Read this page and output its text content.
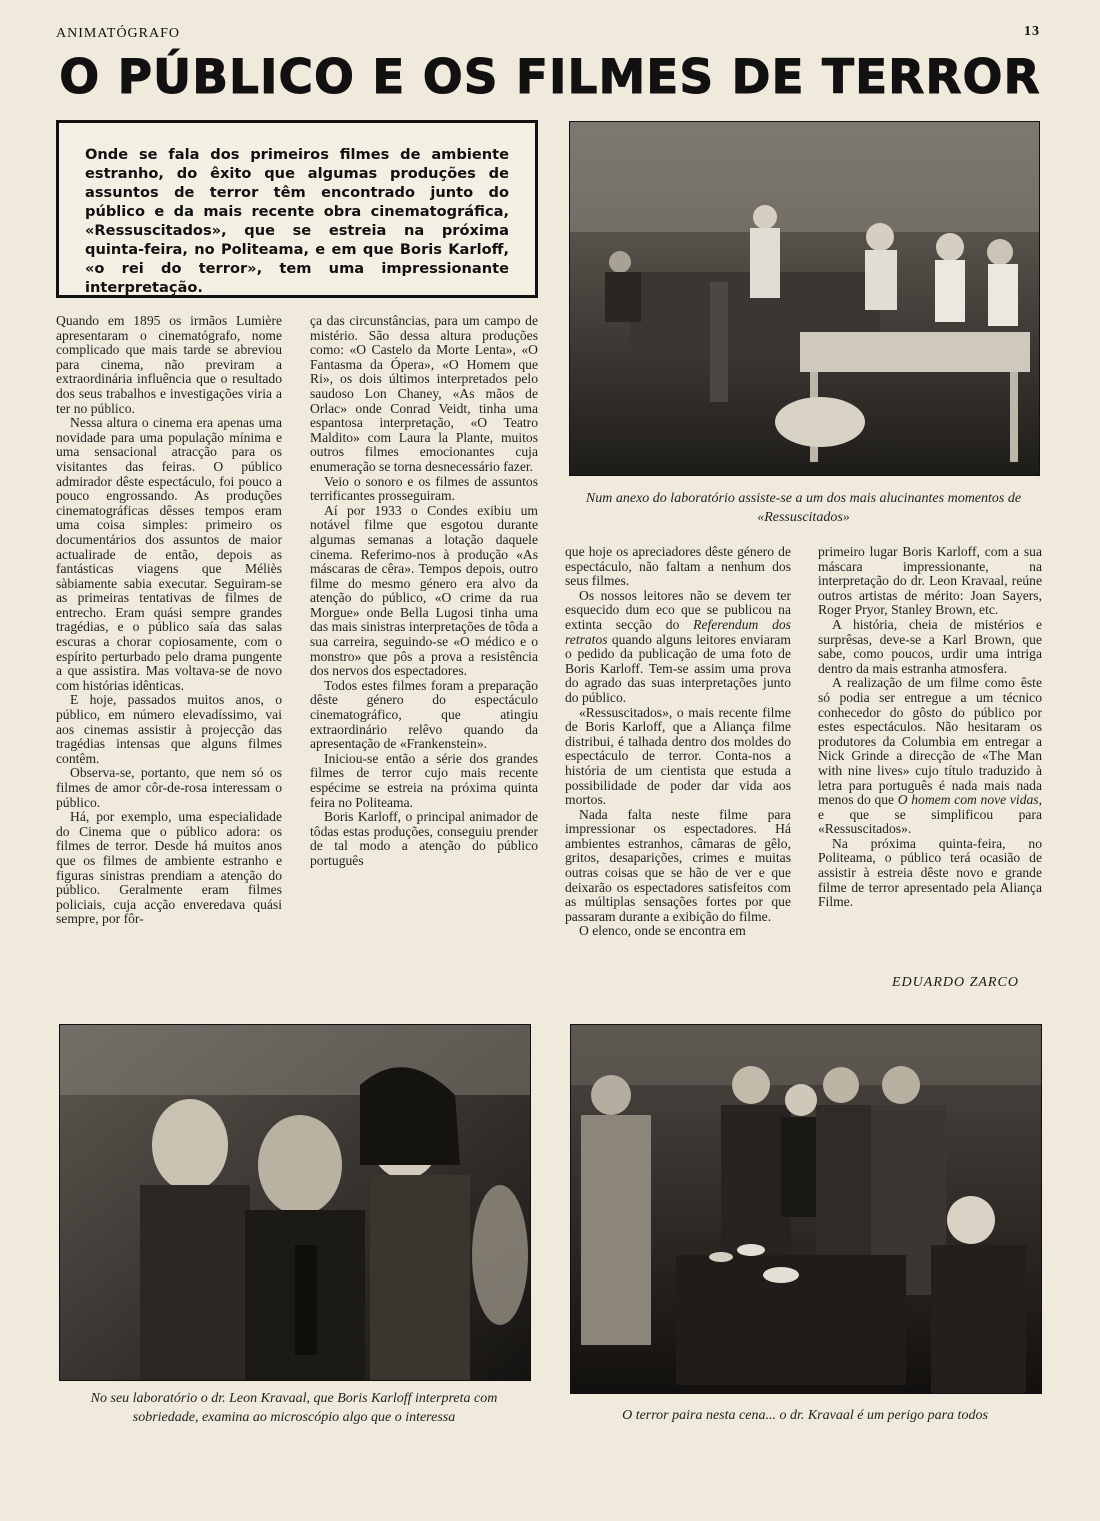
ANIMATÓGRAFO	13
O PÚBLICO E OS FILMES DE TERROR

Onde se fala dos primeiros filmes de ambiente estranho, do êxito que algumas produções de assuntos de terror têm encontrado junto do público e da mais recente obra cinematográfica, «Ressuscitados», que se estreia na próxima quinta-feira, no Politeama, e em que Boris Karloff, «o rei do terror», tem uma impressionante interpretação.

Num anexo do laboratório assiste-se a um dos mais alucinantes momentos de «Ressuscitados»

Quando em 1895 os irmãos Lumière apresentaram o cinematógrafo, nome complicado que mais tarde se abreviou para cinema, não previram a extraordinária influência que o resultado dos seus trabalhos e investigações viria a ter no público.

Nessa altura o cinema era apenas uma novidade para uma população mínima e uma sensacional atracção para os visitantes das feiras. O público admirador dêste espectáculo, foi pouco a pouco engrossando. As produções cinematográficas dêsses tempos eram uma coisa simples: primeiro os documentários dos assuntos de maior actualirade de então, depois as fantásticas viagens que Méliès sàbiamente sabia executar. Seguiram-se as primeiras tentativas de filmes de entrecho. Eram quási sempre grandes tragédias, e o público saía das salas escuras a chorar copiosamente, com o espírito perturbado pelo drama pungente a que assistira. Mas voltava-se de novo com histórias idênticas.

E hoje, passados muitos anos, o público, em número elevadíssimo, vai aos cinemas assistir à projecção das tragédias intensas que alguns filmes contêm.

Observa-se, portanto, que nem só os filmes de amor côr-de-rosa interessam o público.

Há, por exemplo, uma especialidade do Cinema que o público adora: os filmes de terror. Desde há muitos anos que os filmes de ambiente estranho e figuras sinistras prendiam a atenção do público. Geralmente eram filmes policiais, cuja acção enveredava quási sempre, por fôr-

ça das circunstâncias, para um campo de mistério. São dessa altura produções como: «O Castelo da Morte Lenta», «O Fantasma da Ópera», «O Homem que Ri», os dois últimos interpretados pelo saudoso Lon Chaney, «As mãos de Orlac» onde Conrad Veidt, tinha uma espantosa interpretação, «O Teatro Maldito» com Laura la Plante, muitos outros filmes emocionantes cuja enumeração se torna desnecessário fazer.

Veio o sonoro e os filmes de assuntos terrificantes prosseguiram.

Aí por 1933 o Condes exibiu um notável filme que esgotou durante algumas semanas a lotação daquele cinema. Referimo-nos à produção «As máscaras de cêra». Tempos depois, outro filme do mesmo género era alvo da atenção do público, «O crime da rua Morgue» onde Bella Lugosi tinha uma das mais sinistras interpretações de tôda a sua carreira, seguindo-se «O médico e o monstro» que pôs a prova a resistência dos nervos dos espectadores.

Todos estes filmes foram a preparação dêste género do espectáculo cinematográfico, que atingiu extraordinário relêvo quando da apresentação de «Frankenstein».

Iniciou-se então a série dos grandes filmes de terror cujo mais recente espécime se estreia na próxima quinta feira no Politeama.

Boris Karloff, o principal animador de tôdas estas produções, conseguiu prender de tal modo a atenção do público português

que hoje os apreciadores dêste género de espectáculo, não faltam a nenhum dos seus filmes.

Os nossos leitores não se devem ter esquecido dum eco que se publicou na extinta secção do Referendum dos retratos quando alguns leitores enviaram o pedido da publicação de uma foto de Boris Karloff. Tem-se assim uma prova do agrado das suas interpretações junto do público.

«Ressuscitados», o mais recente filme de Boris Karloff, que a Aliança filme distribui, é talhada dentro dos moldes do espectáculo de terror. Conta-nos a história de um cientista que estuda a possibilidade de poder dar vida aos mortos.

Nada falta neste filme para impressionar os espectadores. Há ambientes estranhos, câmaras de gêlo, gritos, desaparições, crimes e muitas outras coisas que se hão de ver e que deixarão os espectadores satisfeitos com as múltiplas sensações fortes por que passaram durante a exibição do filme.

O elenco, onde se encontra em

primeiro lugar Boris Karloff, com a sua máscara impressionante, na interpretação do dr. Leon Kravaal, reúne outros artistas de mérito: Joan Sayers, Roger Pryor, Stanley Brown, etc.

A história, cheia de mistérios e surprêsas, deve-se a Karl Brown, que sabe, como poucos, urdir uma intriga dentro da mais estranha atmosfera.

A realização de um filme como êste só podia ser entregue a um técnico conhecedor do gôsto do público por estes espectáculos. Não hesitaram os produtores da Columbia em entregar a Nick Grinde a direcção de «The Man with nine lives» cujo título traduzido à letra para português é nada mais nada menos do que O homem com nove vidas, e que se simplificou para «Ressuscitados».

Na próxima quinta-feira, no Politeama, o público terá ocasião de assistir à estreia dêste novo e grande filme de terror apresentado pela Aliança Filme.

EDUARDO ZARCO
No seu laboratório o dr. Leon Kravaal, que Boris Karloff interpreta com sobriedade, examina ao microscópio algo que o interessa	O terror paira nesta cena... o dr. Kravaal é um perigo para todos
